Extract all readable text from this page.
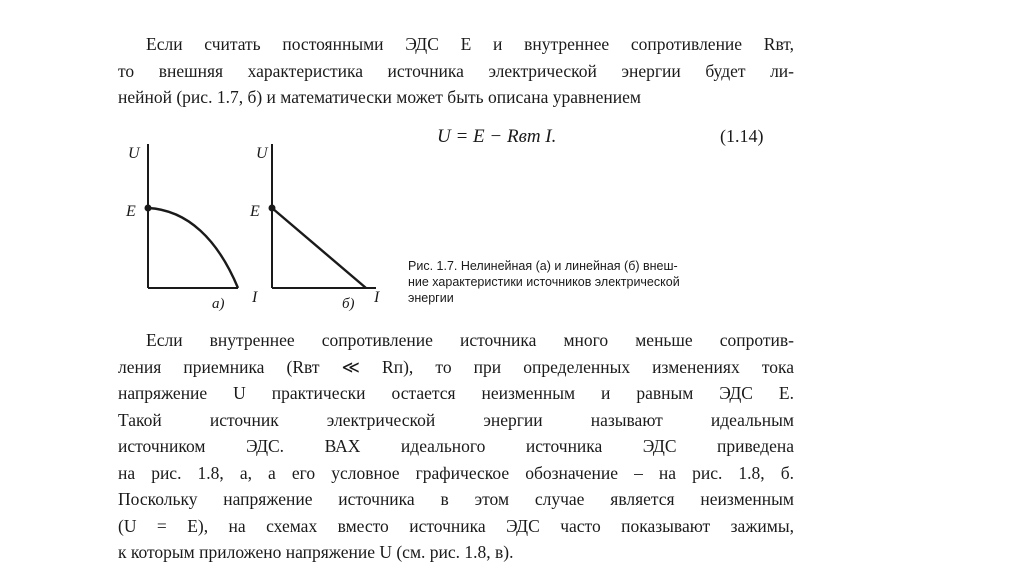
Если считать постоянными ЭДС E и внутреннее сопротивление Rвт,
то внешняя характеристика источника электрической энергии будет ли-
нейной (рис. 1.7, б) и математически может быть описана уравнением
U = E − Rвт I.	(1.14)
U
E
I
а)
U
E
I
б)
Рис. 1.7. Нелинейная (а) и линейная (б) внеш-
ние характеристики источников электрической
энергии
Если внутреннее сопротивление источника много меньше сопротив-
ления приемника (Rвт ≪ Rп), то при определенных изменениях тока
напряжение U практически остается неизменным и равным ЭДС E.
Такой источник электрической энергии называют идеальным
источником ЭДС. ВАХ идеального источника ЭДС приведена
на рис. 1.8, а, а его условное графическое обозначение – на рис. 1.8, б.
Поскольку напряжение источника в этом случае является неизменным
(U = E), на схемах вместо источника ЭДС часто показывают зажимы,
к которым приложено напряжение U (см. рис. 1.8, в).
